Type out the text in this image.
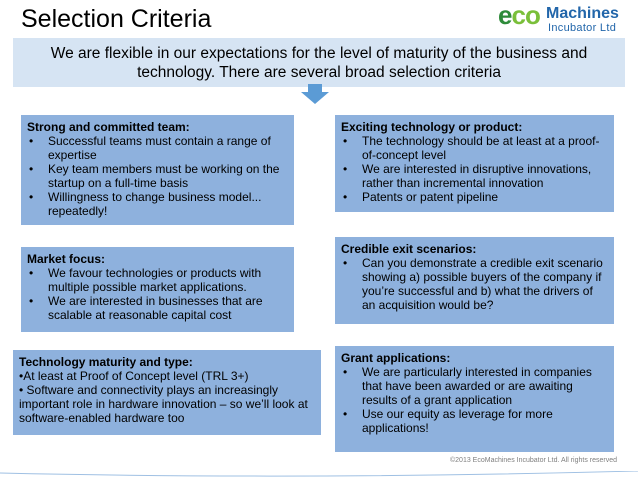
Selection Criteria	eco Machines
Incubator Ltd
We are flexible in our expectations for the level of maturity of the business and technology. There are several broad selection criteria
Strong and committed team:
• Successful teams must contain a range of expertise
• Key team members must be working on the startup on a full-time basis
• Willingness to change business model... repeatedly!
Market focus:
• We favour technologies or products with multiple possible market applications.
• We are interested in businesses that are scalable at reasonable capital cost
Technology maturity and type:

•At least at Proof of Concept level (TRL 3+)

• Software and connectivity plays an increasingly important role in hardware innovation – so we’ll look at software-enabled hardware too

Exciting technology or product:
• The technology should be at least at a proof-of-concept level
• We are interested in disruptive innovations, rather than incremental innovation
• Patents or patent pipeline
Credible exit scenarios:
• Can you demonstrate a credible exit scenario showing a) possible buyers of the company if you’re successful and b) what the drivers of an acquisition would be?
Grant applications:
• We are particularly interested in companies that have been awarded or are awaiting results of a grant application
• Use our equity as leverage for more applications!
©2013 EcoMachines Incubator Ltd. All rights reserved
